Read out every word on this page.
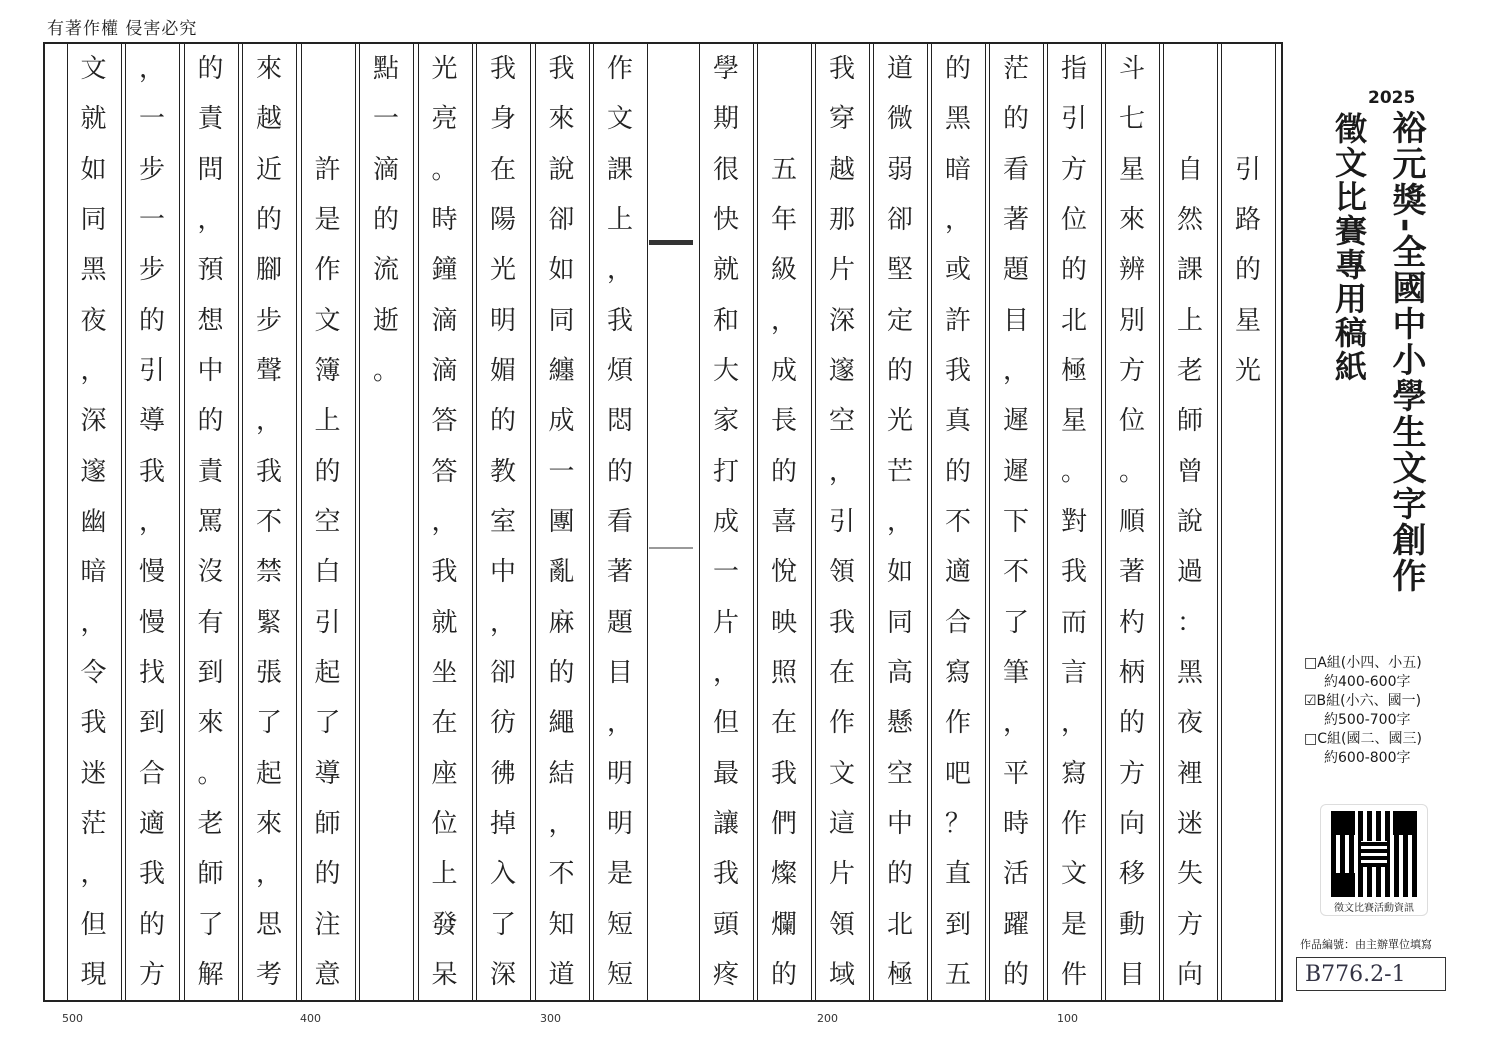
有著作權 侵害必究
引
路
的
星
光
自
然
課
上
老
師
曾
說
過
：
黑
夜
裡
迷
失
方
向
斗
七
星
來
辨
別
方
位
。
順
著
杓
柄
的
方
向
移
動
目
指
引
方
位
的
北
極
星
。
對
我
而
言
，
寫
作
文
是
件
茫
的
看
著
題
目
，
遲
遲
下
不
了
筆
，
平
時
活
躍
的
的
黑
暗
，
或
許
我
真
的
不
適
合
寫
作
吧
？
直
到
五
道
微
弱
卻
堅
定
的
光
芒
，
如
同
高
懸
空
中
的
北
極
我
穿
越
那
片
深
邃
空
，
引
領
我
在
作
文
這
片
領
域
五
年
級
，
成
長
的
喜
悅
映
照
在
我
們
燦
爛
的
學
期
很
快
就
和
大
家
打
成
一
片
，
但
最
讓
我
頭
疼
作
文
課
上
，
我
煩
悶
的
看
著
題
目
，
明
明
是
短
短
我
來
說
卻
如
同
纏
成
一
團
亂
麻
的
繩
結
，
不
知
道
我
身
在
陽
光
明
媚
的
教
室
中
，
卻
彷
彿
掉
入
了
深
光
亮
。
時
鐘
滴
滴
答
答
，
我
就
坐
在
座
位
上
發
呆
點
一
滴
的
流
逝
。
許
是
作
文
簿
上
的
空
白
引
起
了
導
師
的
注
意
來
越
近
的
腳
步
聲
，
我
不
禁
緊
張
了
起
來
，
思
考
的
責
問
，
預
想
中
的
責
罵
沒
有
到
來
。
老
師
了
解
，
一
步
一
步
的
引
導
我
，
慢
慢
找
到
合
適
我
的
方
文
就
如
同
黑
夜
，
深
邃
幽
暗
，
令
我
迷
茫
，
但
現
500	400	300	200	100
2025
裕元獎-全國中小學生文字創作
徵文比賽專用稿紙
□A組(小四、小五)
約400-600字
☑B組(小六、國一)
約500-700字
□C組(國二、國三)
約600-800字
徵文比賽活動資訊
作品編號：由主辦單位填寫
B776.2-1
